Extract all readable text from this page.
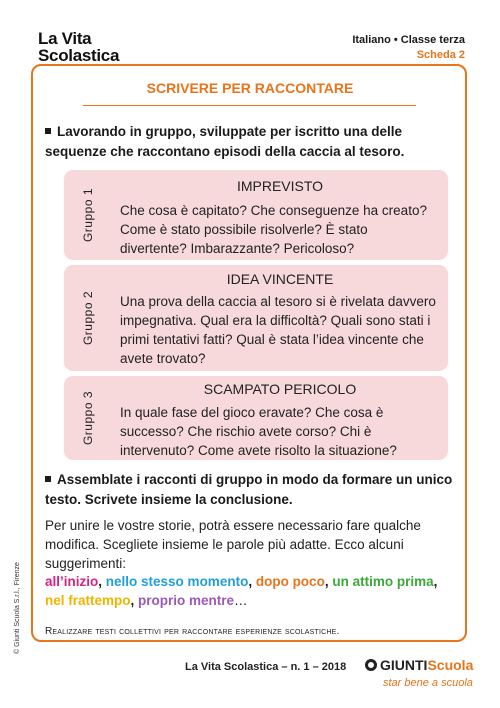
La Vita
Scolastica
Italiano • Classe terza
Scheda 2
SCRIVERE PER RACCONTARE
Lavorando in gruppo, sviluppate per iscritto una delle sequenze che raccontano episodi della caccia al tesoro.
Gruppo 1
IMPREVISTO
Che cosa è capitato? Che conseguenze ha creato? Come è stato possibile risolverle? È stato divertente? Imbarazzante? Pericoloso?
Gruppo 2
IDEA VINCENTE
Una prova della caccia al tesoro si è rivelata davvero impegnativa. Qual era la difficoltà? Quali sono stati i primi tentativi fatti? Qual è stata l’idea vincente che avete trovato?
Gruppo 3
SCAMPATO PERICOLO
In quale fase del gioco eravate? Che cosa è successo? Che rischio avete corso? Chi è intervenuto? Come avete risolto la situazione?
Assemblate i racconti di gruppo in modo da formare un unico testo. Scrivete insieme la conclusione.
Per unire le vostre storie, potrà essere necessario fare qualche modifica. Scegliete insieme le parole più adatte. Ecco alcuni suggerimenti:
all’inizio, nello stesso momento, dopo poco, un attimo prima, nel frattempo, proprio mentre…
Realizzare testi collettivi per raccontare esperienze scolastiche.
© Giunti Scuola S.r.l., Firenze
La Vita Scolastica – n. 1 – 2018	GIUNTIScuola
star bene a scuola
